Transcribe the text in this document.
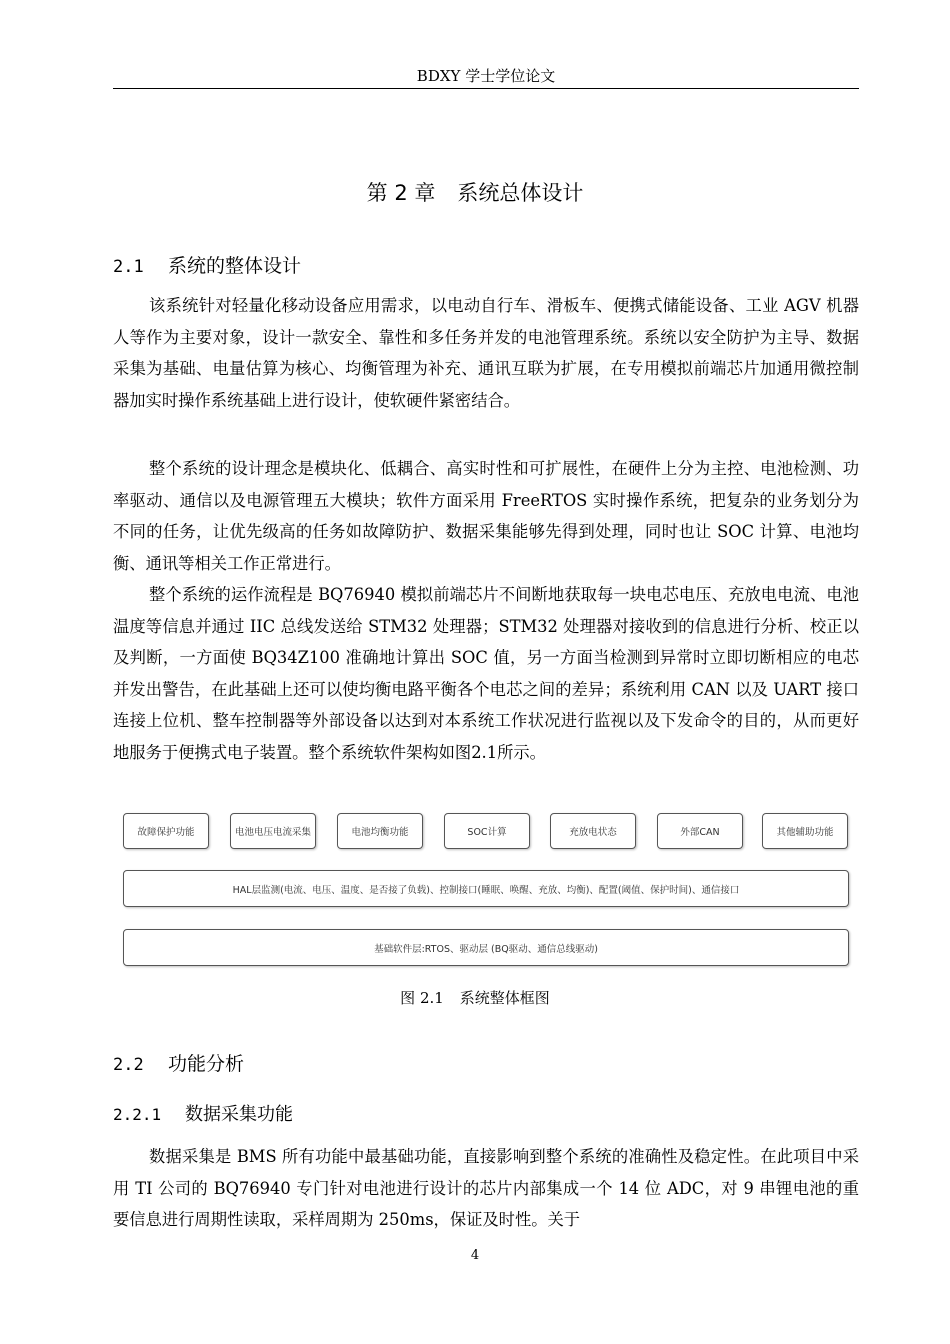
BDXY 学士学位论文
第 2 章 系统总体设计
2.1 系统的整体设计

该系统针对轻量化移动设备应用需求，以电动自行车、滑板车、便携式储能设备、工业 AGV 机器人等作为主要对象，设计一款安全、靠性和多任务并发的电池管理系统。系统以安全防护为主导、数据采集为基础、电量估算为核心、均衡管理为补充、通讯互联为扩展，在专用模拟前端芯片加通用微控制器加实时操作系统基础上进行设计，使软硬件紧密结合。

整个系统的设计理念是模块化、低耦合、高实时性和可扩展性，在硬件上分为主控、电池检测、功率驱动、通信以及电源管理五大模块；软件方面采用 FreeRTOS 实时操作系统，把复杂的业务划分为不同的任务，让优先级高的任务如故障防护、数据采集能够先得到处理，同时也让 SOC 计算、电池均衡、通讯等相关工作正常进行。

整个系统的运作流程是 BQ76940 模拟前端芯片不间断地获取每一块电芯电压、充放电电流、电池温度等信息并通过 IIC 总线发送给 STM32 处理器；STM32 处理器对接收到的信息进行分析、校正以及判断，一方面使 BQ34Z100 准确地计算出 SOC 值，另一方面当检测到异常时立即切断相应的电芯并发出警告，在此基础上还可以使均衡电路平衡各个电芯之间的差异；系统利用 CAN 以及 UART 接口连接上位机、整车控制器等外部设备以达到对本系统工作状况进行监视以及下发命令的目的，从而更好地服务于便携式电子装置。整个系统软件架构如图2.1所示。

故障保护功能	电池电压电流采集	电池均衡功能	SOC计算	充放电状态	外部CAN	其他辅助功能
HAL层监测(电流、电压、温度、是否接了负载)、控制接口(睡眠、唤醒、充放、均衡)、配置(阈值、保护时间)、通信接口
基础软件层:RTOS、驱动层 (BQ驱动、通信总线驱动)
图 2.1 系统整体框图
2.2 功能分析
2.2.1 数据采集功能

数据采集是 BMS 所有功能中最基础功能，直接影响到整个系统的准确性及稳定性。在此项目中采用 TI 公司的 BQ76940 专门针对电池进行设计的芯片内部集成一个 14 位 ADC，对 9 串锂电池的重要信息进行周期性读取，采样周期为 250ms，保证及时性。关于

4
